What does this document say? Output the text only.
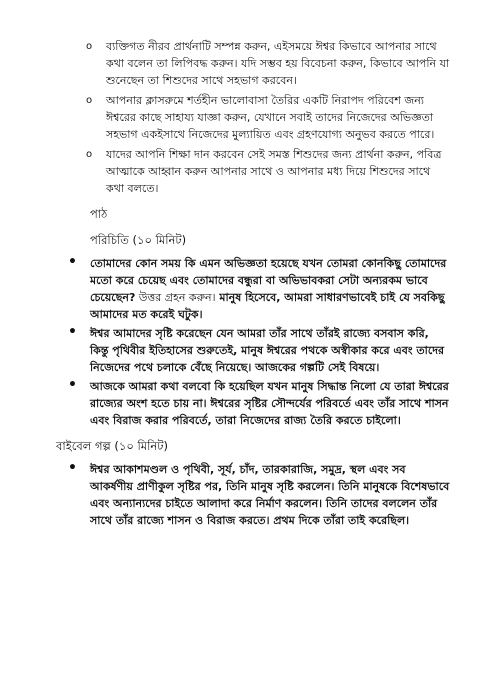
o ব্যক্তিগত নীরব প্রার্থনাটি সম্পন্ন করুন, এইসময়ে ঈশ্বর কিভাবে আপনার সাথে কথা বলেন তা লিপিবদ্ধ করুন। যদি সম্ভব হয় বিবেচনা করুন, কিভাবে আপনি যা শুনেছেন তা শিশুদের সাথে সহভাগ করবেন।
o আপনার ক্লাসরুমে শর্তহীন ভালোবাসা তৈরির একটি নিরাপদ পরিবেশ জন্য ঈশ্বরের কাছে সাহায্য যাজ্ঞা করুন, যেখানে সবাই তাদের নিজেদের অভিজ্ঞতা সহভাগ একইসাথে নিজেদের মুল্যায়িত এবং গ্রহণযোগ্য অনুভব করতে পারে।
o যাদের আপনি শিক্ষা দান করবেন সেই সমস্ত শিশুদের জন্য প্রার্থনা করুন, পবিত্র আত্মাকে আহ্বান করুন আপনার সাথে ও আপনার মধ্য দিয়ে শিশুদের সাথে কথা বলতে।
পাঠ
পরিচিতি (১০ মিনিট)
• তোমাদের কোন সময় কি এমন অভিজ্ঞতা হয়েছে যখন তোমরা কোনকিছু তোমাদের মতো করে চেয়েছ এবং তোমাদের বন্ধুরা বা অভিভাবকরা সেটা অন্যরকম ভাবে চেয়েছেন? উত্তর গ্রহন করুন। মানুষ হিসেবে, আমরা সাধারণভাবেই চাই যে সবকিছু আমাদের মত করেই ঘটুক।
• ঈশ্বর আমাদের সৃষ্টি করেছেন যেন আমরা তাঁর সাথে তাঁরই রাজ্যে বসবাস করি, কিন্তু পৃথিবীর ইতিহাসের শুরুতেই, মানুষ ঈশ্বরের পথকে অস্বীকার করে এবং তাদের নিজেদের পথে চলাকে বেঁছে নিয়েছে। আজকের গল্পটি সেই বিষয়ে।
• আজকে আমরা কথা বলবো কি হয়েছিল যখন মানুষ সিদ্ধান্ত নিলো যে তারা ঈশ্বরের রাজ্যের অংশ হতে চায় না। ঈশ্বরের সৃষ্টির সৌন্দর্যের পরিবর্তে এবং তাঁর সাথে শাসন এবং বিরাজ করার পরিবর্তে, তারা নিজেদের রাজ্য তৈরি করতে চাইলো।
বাইবেল গল্প (১০ মিনিট)
• ঈশ্বর আকাশমণ্ডল ও পৃথিবী, সূর্য, চাঁদ, তারকারাজি, সমুদ্র, স্থল এবং সব আকর্ষণীয় প্রাণীকুল সৃষ্টির পর, তিনি মানুষ সৃষ্টি করলেন। তিনি মানুষকে বিশেষভাবে এবং অন্যান্যদের চাইতে আলাদা করে নির্মাণ করলেন। তিনি তাদের বললেন তাঁর সাথে তাঁর রাজ্যে শাসন ও বিরাজ করতে। প্রথম দিকে তাঁরা তাই করেছিল।
